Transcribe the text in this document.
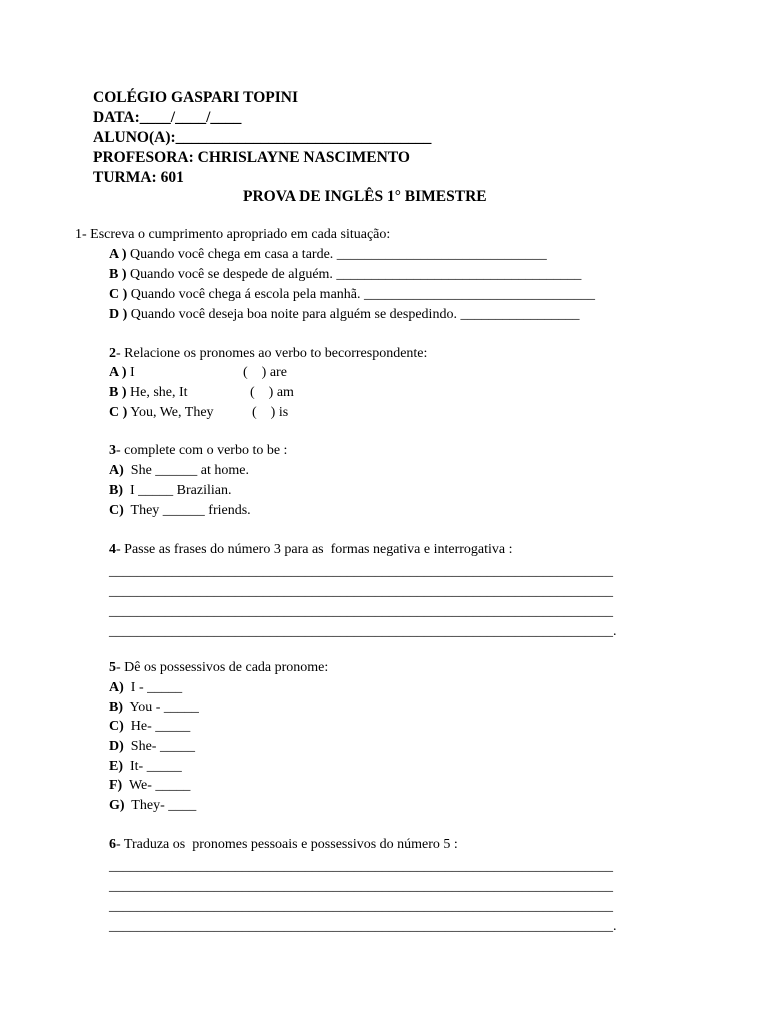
COLÉGIO GASPARI TOPINI
DATA:____/____/____
ALUNO(A):_________________________________
PROFESORA: CHRISLAYNE NASCIMENTO
TURMA: 601
PROVA DE INGLÊS 1° BIMESTRE
1- Escreva o cumprimento apropriado em cada situação:
A ) Quando você chega em casa a tarde. ______________________________
B ) Quando você se despede de alguém. ___________________________________
C ) Quando você chega á escola pela manhã. _________________________________
D ) Quando você deseja boa noite para alguém se despedindo. _________________
2- Relacione os pronomes ao verbo to becorrespondente:
A ) I	(    ) are
B ) He, she, It	(    ) am
C ) You, We, They	(    ) is
3- complete com o verbo to be :
A)  She ______ at home.
B)  I _____ Brazilian.
C)  They ______ friends.
4- Passe as frases do número 3 para as  formas negativa e interrogativa :
________________________________________________________________________
________________________________________________________________________
________________________________________________________________________
________________________________________________________________________.
5- Dê os possessivos de cada pronome:
A)  I - _____
B)  You - _____
C)  He- _____
D)  She- _____
E)  It- _____
F)  We- _____
G)  They- ____
6- Traduza os  pronomes pessoais e possessivos do número 5 :
________________________________________________________________________
________________________________________________________________________
________________________________________________________________________
________________________________________________________________________.
